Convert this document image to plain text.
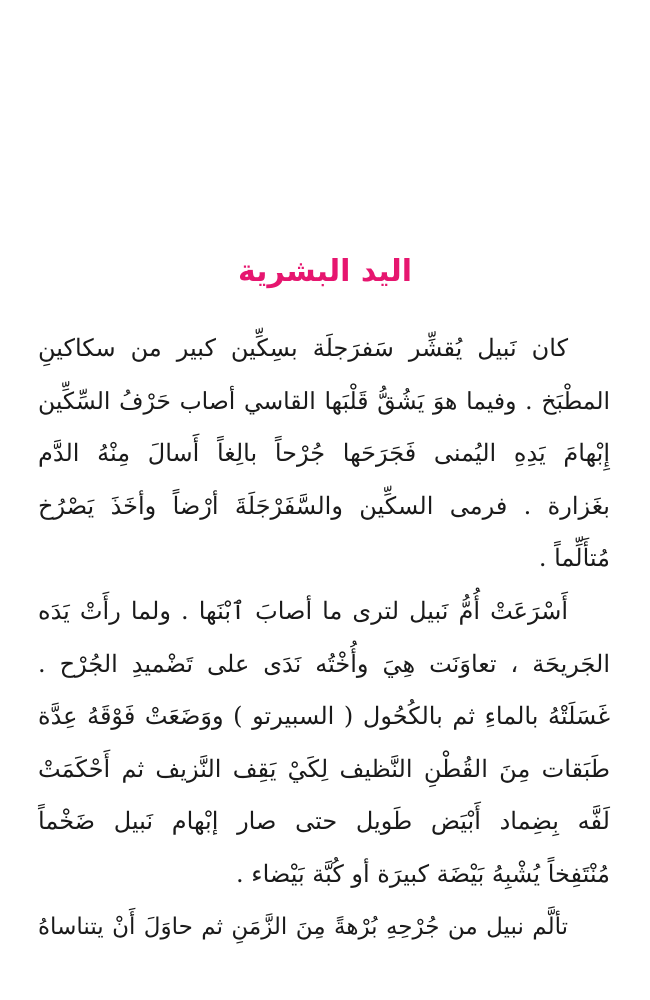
اليد البشرية

كان نَبيل يُقشِّر سَفرَجلَة بسِكِّين كبير من سكاكينِ
المطْبَخ . وفيما هوَ يَشُقُّ قَلْبَها القاسي أصاب حَرْفُ السِّكِّين
إِبْهامَ يَدِهِ اليُمنى فَجَرَحَها جُرْحاً بالِغاً أَسالَ مِنْهُ الدَّم
بغَزارة . فرمى السكِّين والسَّفَرْجَلَةَ أرْضاً وأخَذَ يَصْرُخ
مُتأَلِّماً .

أَسْرَعَتْ أُمُّ نَبيل لترى ما أصابَ ٱبْنَها . ولما رأَتْ يَدَه
الجَريحَة ، تعاوَنَت هِيَ وأُخْتُه نَدَى على تَضْميدِ الجُرْح .
غَسَلَتْهُ بالماءِ ثم بالكُحُول ( السبيرتو ) ووَضَعَتْ فَوْقَهُ عِدَّة
طَبَقات مِنَ القُطْنِ النَّظيف لِكَيْ يَقِف النَّزيف ثم أَحْكَمَتْ
لَفَّه بِضِماد أَبْيَض طَويل حتى صار إبْهام نَبيل ضَخْماً
مُنْتَفِخاً يُشْبِهُ بَيْضَة كبيرَة أو كُبَّة بَيْضاء .

تألَّم نبيل من جُرْحِهِ بُرْهةً مِنَ الزَّمَنِ ثم حاوَلَ أَنْ يتناساهُ
